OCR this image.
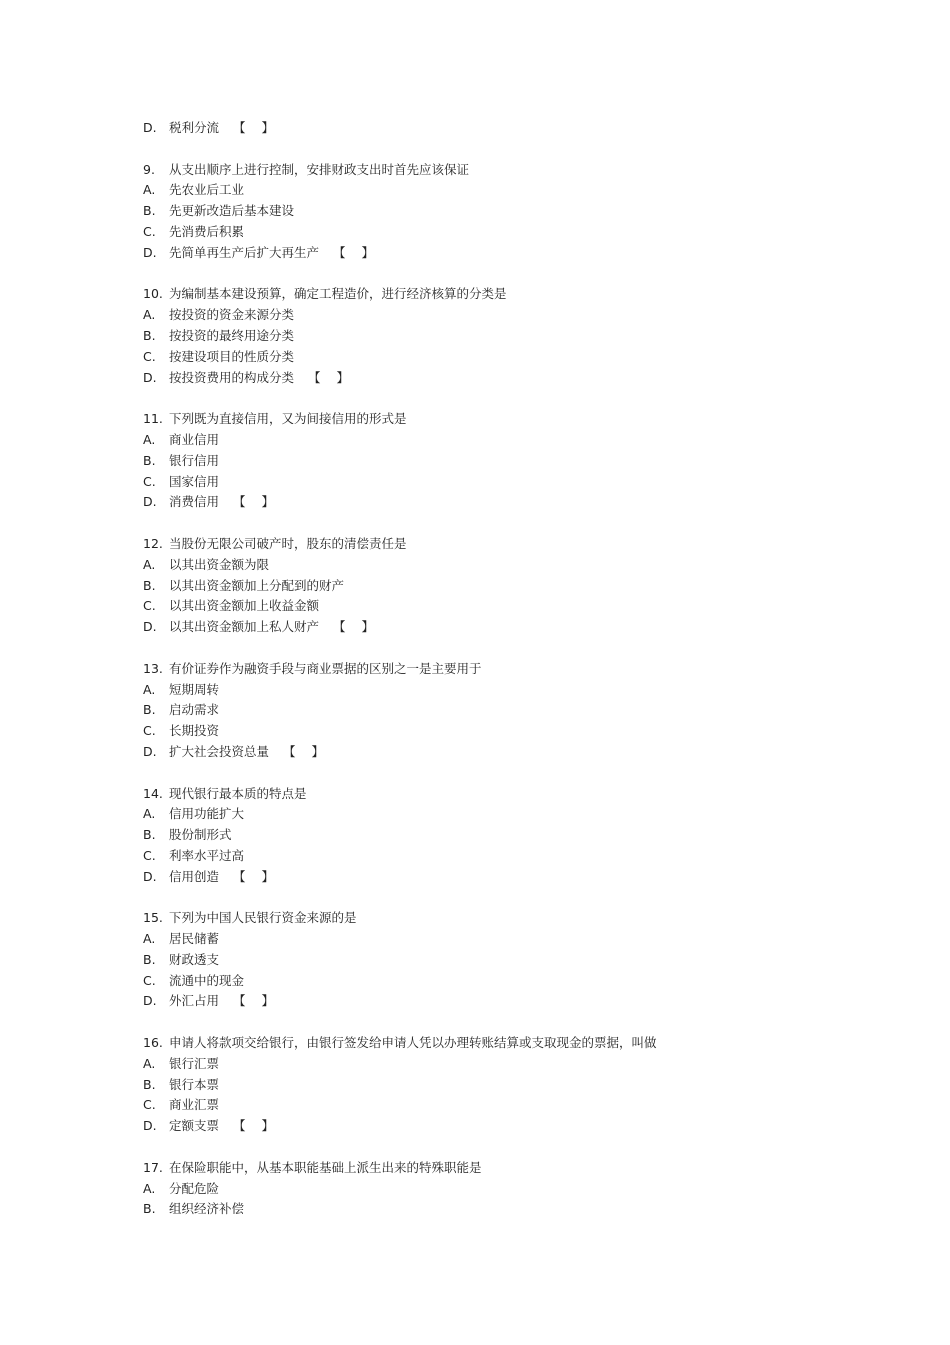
D. 税利分流 【 】
9. 从支出顺序上进行控制，安排财政支出时首先应该保证
A. 先农业后工业
B. 先更新改造后基本建设
C. 先消费后积累
D. 先简单再生产后扩大再生产 【 】
10. 为编制基本建设预算，确定工程造价，进行经济核算的分类是
A. 按投资的资金来源分类
B. 按投资的最终用途分类
C. 按建设项目的性质分类
D. 按投资费用的构成分类 【 】
11. 下列既为直接信用，又为间接信用的形式是
A. 商业信用
B. 银行信用
C. 国家信用
D. 消费信用 【 】
12. 当股份无限公司破产时，股东的清偿责任是
A. 以其出资金额为限
B. 以其出资金额加上分配到的财产
C. 以其出资金额加上收益金额
D. 以其出资金额加上私人财产 【 】
13. 有价证券作为融资手段与商业票据的区别之一是主要用于
A. 短期周转
B. 启动需求
C. 长期投资
D. 扩大社会投资总量 【 】
14. 现代银行最本质的特点是
A. 信用功能扩大
B. 股份制形式
C. 利率水平过高
D. 信用创造 【 】
15. 下列为中国人民银行资金来源的是
A. 居民储蓄
B. 财政透支
C. 流通中的现金
D. 外汇占用 【 】
16. 申请人将款项交给银行，由银行签发给申请人凭以办理转账结算或支取现金的票据，叫做
A. 银行汇票
B. 银行本票
C. 商业汇票
D. 定额支票 【 】
17. 在保险职能中，从基本职能基础上派生出来的特殊职能是
A. 分配危险
B. 组织经济补偿
